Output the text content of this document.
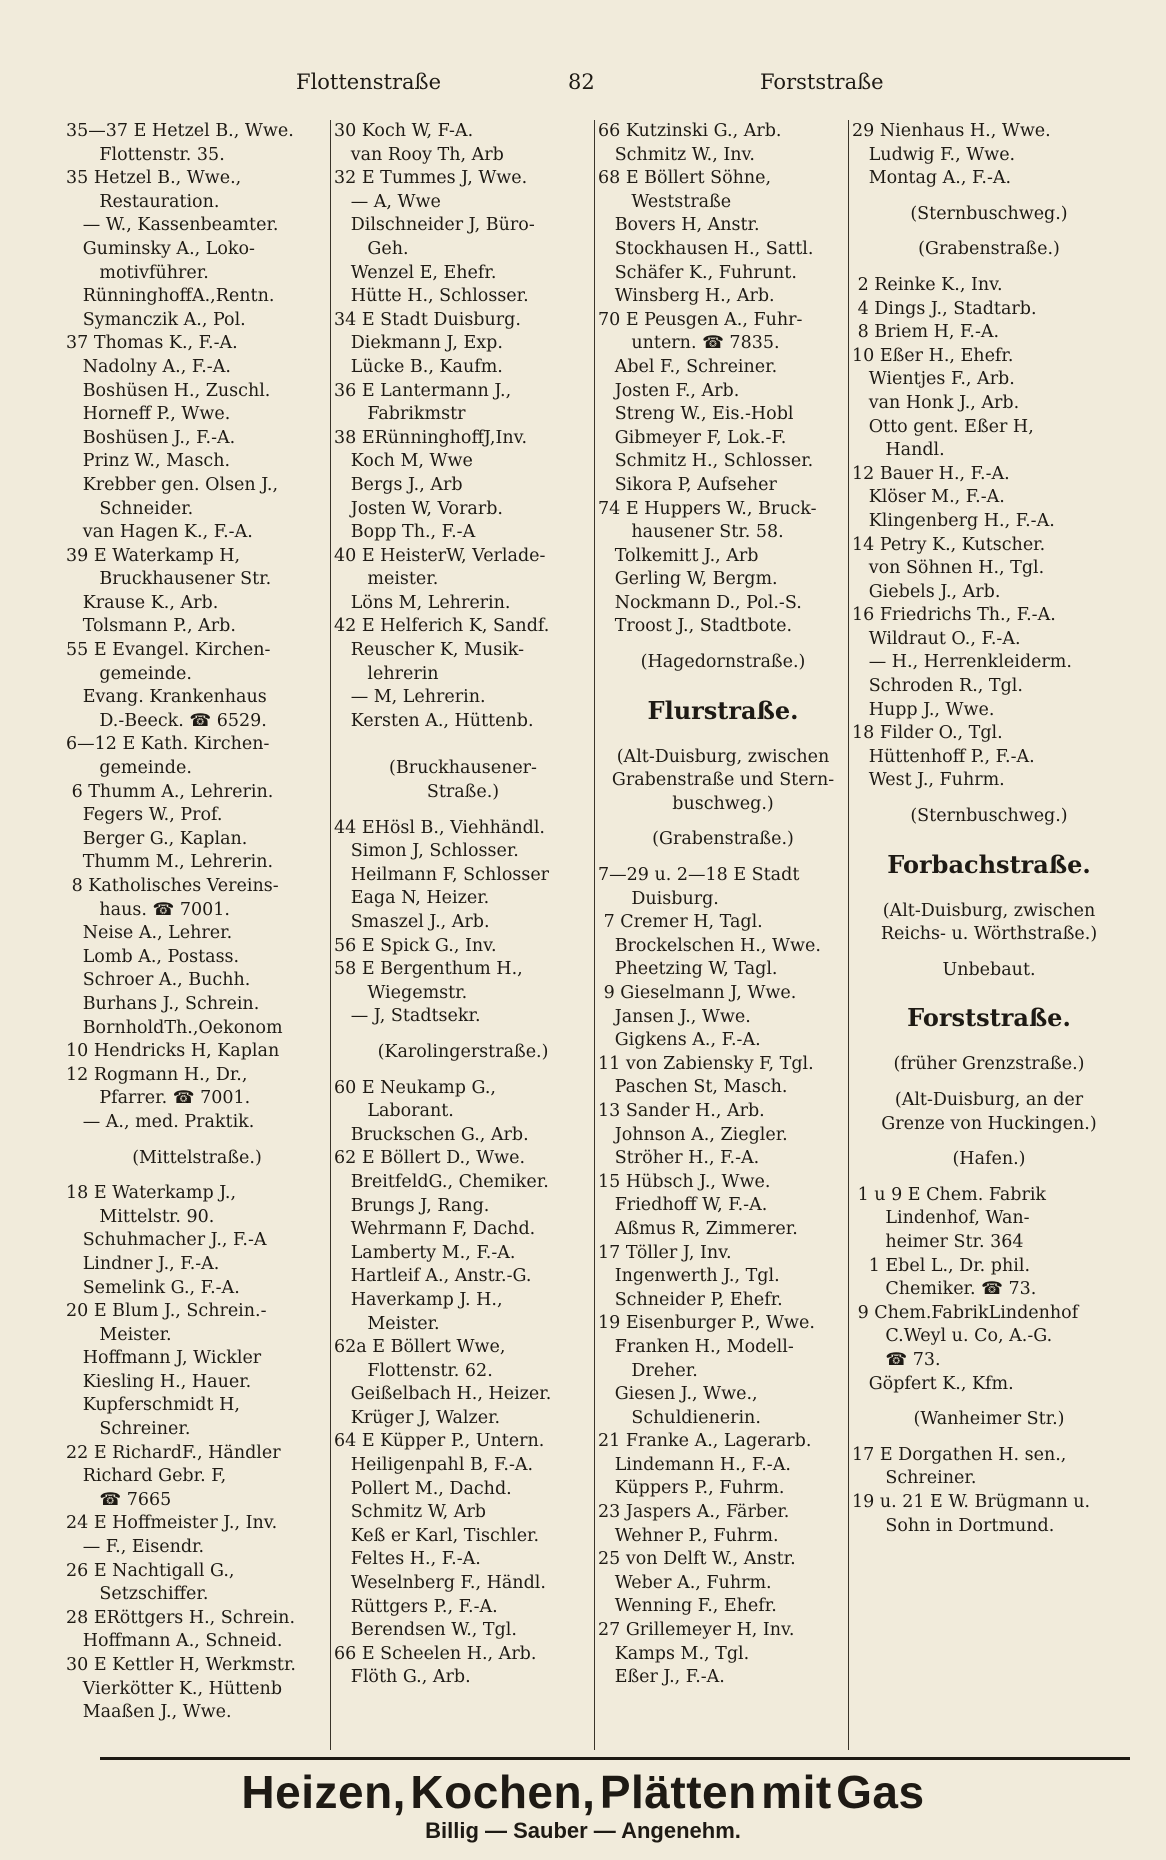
Flottenstraße	82	Forststraße
35—37 E Hetzel B., Wwe.
Flottenstr. 35.
35 Hetzel B., Wwe.,
Restauration.
— W., Kassenbeamter.
Guminsky A., Loko-
motivführer.
RünninghoffA.,Rentn.
Symanczik A., Pol.
37 Thomas K., F.-A.
Nadolny A., F.-A.
Boshüsen H., Zuschl.
Horneff P., Wwe.
Boshüsen J., F.-A.
Prinz W., Masch.
Krebber gen. Olsen J.,
Schneider.
van Hagen K., F.-A.
39 E Waterkamp H,
Bruckhausener Str.
Krause K., Arb.
Tolsmann P., Arb.
55 E Evangel. Kirchen-
gemeinde.
Evang. Krankenhaus
D.-Beeck. ☎ 6529.
6—12 E Kath. Kirchen-
gemeinde.
6 Thumm A., Lehrerin.
Fegers W., Prof.
Berger G., Kaplan.
Thumm M., Lehrerin.
8 Katholisches Vereins-
haus. ☎ 7001.
Neise A., Lehrer.
Lomb A., Postass.
Schroer A., Buchh.
Burhans J., Schrein.
BornholdTh.,Oekonom
10 Hendricks H, Kaplan
12 Rogmann H., Dr.,
Pfarrer. ☎ 7001.
— A., med. Praktik.
(Mittelstraße.)
18 E Waterkamp J.,
Mittelstr. 90.
Schuhmacher J., F.-A
Lindner J., F.-A.
Semelink G., F.-A.
20 E Blum J., Schrein.-
Meister.
Hoffmann J, Wickler
Kiesling H., Hauer.
Kupferschmidt H,
Schreiner.
22 E RichardF., Händler
Richard Gebr. F,
☎ 7665
24 E Hoffmeister J., Inv.
— F., Eisendr.
26 E Nachtigall G.,
Setzschiffer.
28 ERöttgers H., Schrein.
Hoffmann A., Schneid.
30 E Kettler H, Werkmstr.
Vierkötter K., Hüttenb
Maaßen J., Wwe.
30 Koch W, F-A.
van Rooy Th, Arb
32 E Tummes J, Wwe.
— A, Wwe
Dilschneider J, Büro-
Geh.
Wenzel E, Ehefr.
Hütte H., Schlosser.
34 E Stadt Duisburg.
Diekmann J, Exp.
Lücke B., Kaufm.
36 E Lantermann J.,
Fabrikmstr
38 ERünninghoffJ,Inv.
Koch M, Wwe
Bergs J., Arb
Josten W, Vorarb.
Bopp Th., F.-A
40 E HeisterW, Verlade-
meister.
Löns M, Lehrerin.
42 E Helferich K, Sandf.
Reuscher K, Musik-
lehrerin
— M, Lehrerin.
Kersten A., Hüttenb.
(Bruckhausener-
Straße.)
44 EHösl B., Viehhändl.
Simon J, Schlosser.
Heilmann F, Schlosser
Eaga N, Heizer.
Smaszel J., Arb.
56 E Spick G., Inv.
58 E Bergenthum H.,
Wiegemstr.
— J, Stadtsekr.
(Karolingerstraße.)
60 E Neukamp G.,
Laborant.
Bruckschen G., Arb.
62 E Böllert D., Wwe.
BreitfeldG., Chemiker.
Brungs J, Rang.
Wehrmann F, Dachd.
Lamberty M., F.-A.
Hartleif A., Anstr.-G.
Haverkamp J. H.,
Meister.
62a E Böllert Wwe,
Flottenstr. 62.
Geißelbach H., Heizer.
Krüger J, Walzer.
64 E Küpper P., Untern.
Heiligenpahl B, F.-A.
Pollert M., Dachd.
Schmitz W, Arb
Keß er Karl, Tischler.
Feltes H., F.-A.
Weselnberg F., Händl.
Rüttgers P., F.-A.
Berendsen W., Tgl.
66 E Scheelen H., Arb.
Flöth G., Arb.
66 Kutzinski G., Arb.
Schmitz W., Inv.
68 E Böllert Söhne,
Weststraße
Bovers H, Anstr.
Stockhausen H., Sattl.
Schäfer K., Fuhrunt.
Winsberg H., Arb.
70 E Peusgen A., Fuhr-
untern. ☎ 7835.
Abel F., Schreiner.
Josten F., Arb.
Streng W., Eis.-Hobl
Gibmeyer F, Lok.-F.
Schmitz H., Schlosser.
Sikora P, Aufseher
74 E Huppers W., Bruck-
hausener Str. 58.
Tolkemitt J., Arb
Gerling W, Bergm.
Nockmann D., Pol.-S.
Troost J., Stadtbote.
(Hagedornstraße.)
Flurstraße.
(Alt-Duisburg, zwischen
Grabenstraße und Stern-
buschweg.)
(Grabenstraße.)
7—29 u. 2—18 E Stadt
Duisburg.
7 Cremer H, Tagl.
Brockelschen H., Wwe.
Pheetzing W, Tagl.
9 Gieselmann J, Wwe.
Jansen J., Wwe.
Gigkens A., F.-A.
11 von Zabiensky F, Tgl.
Paschen St, Masch.
13 Sander H., Arb.
Johnson A., Ziegler.
Ströher H., F.-A.
15 Hübsch J., Wwe.
Friedhoff W, F.-A.
Aßmus R, Zimmerer.
17 Töller J, Inv.
Ingenwerth J., Tgl.
Schneider P, Ehefr.
19 Eisenburger P., Wwe.
Franken H., Modell-
Dreher.
Giesen J., Wwe.,
Schuldienerin.
21 Franke A., Lagerarb.
Lindemann H., F.-A.
Küppers P., Fuhrm.
23 Jaspers A., Färber.
Wehner P., Fuhrm.
25 von Delft W., Anstr.
Weber A., Fuhrm.
Wenning F., Ehefr.
27 Grillemeyer H, Inv.
Kamps M., Tgl.
Eßer J., F.-A.
29 Nienhaus H., Wwe.
Ludwig F., Wwe.
Montag A., F.-A.
(Sternbuschweg.)
(Grabenstraße.)
2 Reinke K., Inv.
4 Dings J., Stadtarb.
8 Briem H, F.-A.
10 Eßer H., Ehefr.
Wientjes F., Arb.
van Honk J., Arb.
Otto gent. Eßer H,
Handl.
12 Bauer H., F.-A.
Klöser M., F.-A.
Klingenberg H., F.-A.
14 Petry K., Kutscher.
von Söhnen H., Tgl.
Giebels J., Arb.
16 Friedrichs Th., F.-A.
Wildraut O., F.-A.
— H., Herrenkleiderm.
Schroden R., Tgl.
Hupp J., Wwe.
18 Filder O., Tgl.
Hüttenhoff P., F.-A.
West J., Fuhrm.
(Sternbuschweg.)
Forbachstraße.
(Alt-Duisburg, zwischen
Reichs- u. Wörthstraße.)
Unbebaut.
Forststraße.
(früher Grenzstraße.)
(Alt-Duisburg, an der
Grenze von Huckingen.)
(Hafen.)
1 u 9 E Chem. Fabrik
Lindenhof, Wan-
heimer Str. 364
1 Ebel L., Dr. phil.
Chemiker. ☎ 73.
9 Chem.FabrikLindenhof
C.Weyl u. Co, A.-G.
☎ 73.
Göpfert K., Kfm.
(Wanheimer Str.)
17 E Dorgathen H. sen.,
Schreiner.
19 u. 21 E W. Brügmann u.
Sohn in Dortmund.
Heizen, Kochen, Plätten mit Gas
Billig — Sauber — Angenehm.
